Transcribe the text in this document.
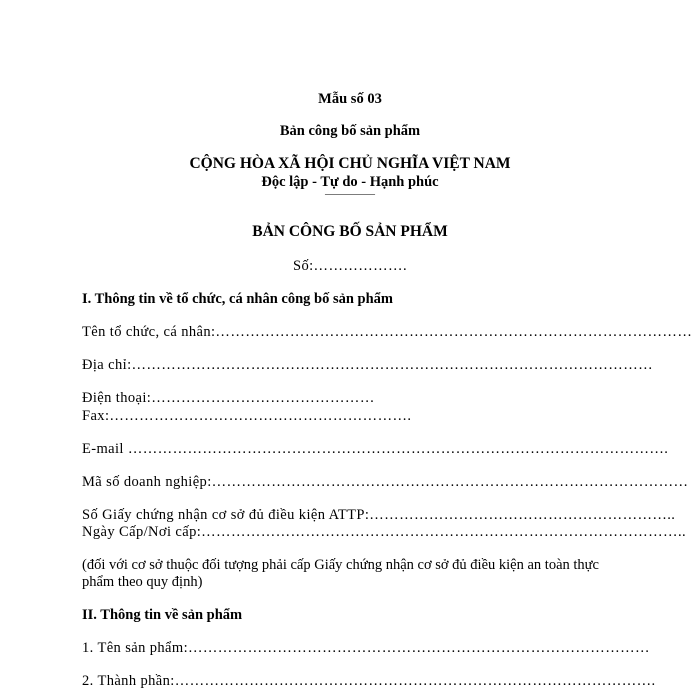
Mẫu số 03
Bản công bố sản phẩm
CỘNG HÒA XÃ HỘI CHỦ NGHĨA VIỆT NAM
Độc lập - Tự do - Hạnh phúc
—————
BẢN CÔNG BỐ SẢN PHẨM
Số:……………….
I. Thông tin về tổ chức, cá nhân công bố sản phẩm
Tên tổ chức, cá nhân:……………………………………………………………………………………
Địa chỉ:……………………………………………………………………………………………
Điện thoại:………………………………………
Fax:…………………………………………………….
E-mail ……………………………………………………………………………………………….
Mã số doanh nghiệp:……………………………………………………………………………………
Số Giấy chứng nhận cơ sở đủ điều kiện ATTP:……………………………………………………..
Ngày Cấp/Nơi cấp:……………………………………………………………………………………..
(đối với cơ sở thuộc đối tượng phải cấp Giấy chứng nhận cơ sở đủ điều kiện an toàn thực
phẩm theo quy định)
II. Thông tin về sản phẩm
1. Tên sản phẩm:…………………………………………………………………………………
2. Thành phần:…………………………………………………………………………………….
